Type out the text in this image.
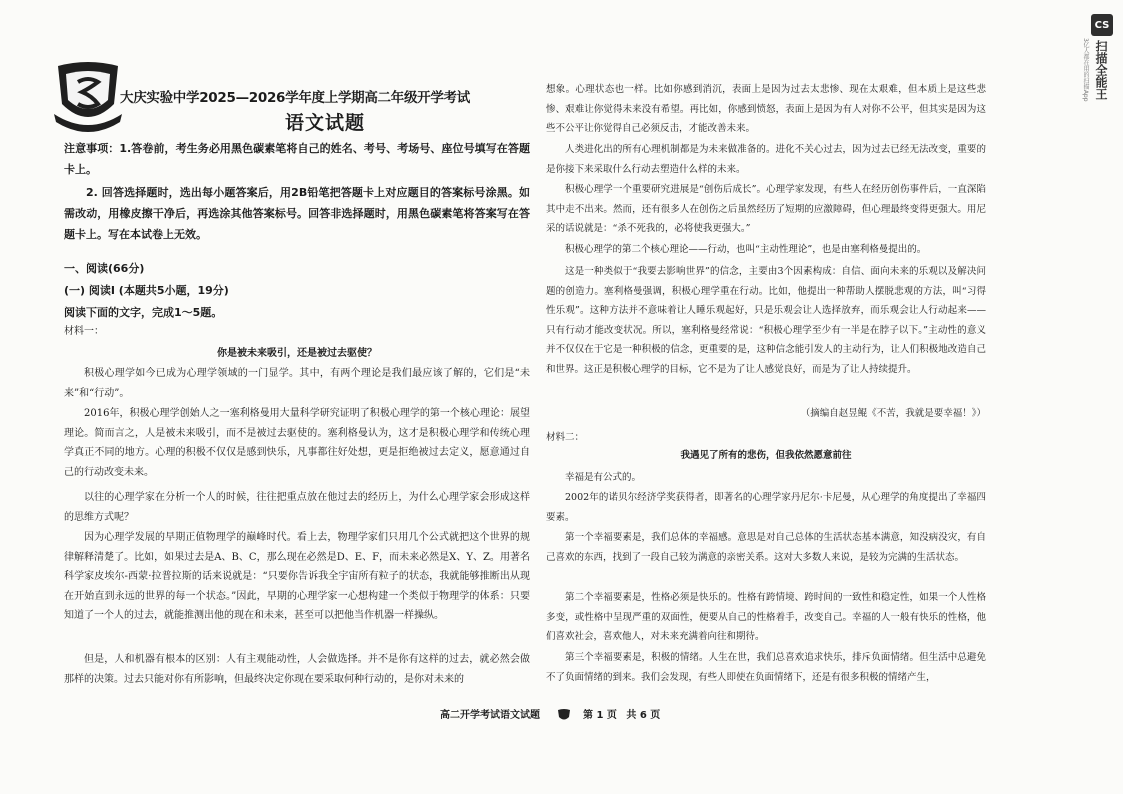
大庆实验中学2025—2026学年度上学期高二年级开学考试
语文试题

注意事项：1.答卷前，考生务必用黑色碳素笔将自己的姓名、考号、考场号、座位号填写在答题卡上。

2. 回答选择题时，选出每小题答案后，用2B铅笔把答题卡上对应题目的答案标号涂黑。如需改动，用橡皮擦干净后，再选涂其他答案标号。回答非选择题时，用黑色碳素笔将答案写在答题卡上。写在本试卷上无效。

一、阅读(66分)

(一) 阅读Ⅰ (本题共5小题，19分)

阅读下面的文字，完成1～5题。

材料一：

你是被未来吸引，还是被过去驱使？

积极心理学如今已成为心理学领域的一门显学。其中，有两个理论是我们最应该了解的，它们是“未来”和“行动”。

2016年，积极心理学创始人之一塞利格曼用大量科学研究证明了积极心理学的第一个核心理论：展望理论。简而言之，人是被未来吸引，而不是被过去驱使的。塞利格曼认为，这才是积极心理学和传统心理学真正不同的地方。心理的积极不仅仅是感到快乐，凡事都往好处想，更是拒绝被过去定义，愿意通过自己的行动改变未来。

以往的心理学家在分析一个人的时候，往往把重点放在他过去的经历上，为什么心理学家会形成这样的思维方式呢？

因为心理学发展的早期正值物理学的巅峰时代。看上去，物理学家们只用几个公式就把这个世界的规律解释清楚了。比如，如果过去是A、B、C，那么现在必然是D、E、F，而未来必然是X、Y、Z。用著名科学家皮埃尔-西蒙·拉普拉斯的话来说就是：“只要你告诉我全宇宙所有粒子的状态，我就能够推断出从现在开始直到永远的世界的每一个状态。”因此，早期的心理学家一心想构建一个类似于物理学的体系：只要知道了一个人的过去，就能推测出他的现在和未来，甚至可以把他当作机器一样操纵。

但是，人和机器有根本的区别：人有主观能动性，人会做选择。并不是你有这样的过去，就必然会做那样的决策。过去只能对你有所影响，但最终决定你现在要采取何种行动的，是你对未来的

想象。心理状态也一样。比如你感到消沉，表面上是因为过去太悲惨、现在太艰难，但本质上是这些悲惨、艰难让你觉得未来没有希望。再比如，你感到愤怒，表面上是因为有人对你不公平，但其实是因为这些不公平让你觉得自己必须反击，才能改善未来。

人类进化出的所有心理机制都是为未来做准备的。进化不关心过去，因为过去已经无法改变，重要的是你接下来采取什么行动去塑造什么样的未来。

积极心理学一个重要研究进展是“创伤后成长”。心理学家发现，有些人在经历创伤事件后，一直深陷其中走不出来。然而，还有很多人在创伤之后虽然经历了短期的应激障碍，但心理最终变得更强大。用尼采的话说就是：“杀不死我的，必将使我更强大。”

积极心理学的第二个核心理论——行动，也叫“主动性理论”，也是由塞利格曼提出的。

这是一种类似于“我要去影响世界”的信念，主要由3个因素构成：自信、面向未来的乐观以及解决问题的创造力。塞利格曼强调，积极心理学重在行动。比如，他提出一种帮助人摆脱悲观的方法，叫“习得性乐观”。这种方法并不意味着让人睡乐观起好，只是乐观会让人选择放弃，而乐观会让人行动起来——只有行动才能改变状况。所以，塞利格曼经常说：“积极心理学至少有一半是在脖子以下。”主动性的意义并不仅仅在于它是一种积极的信念，更重要的是，这种信念能引发人的主动行为，让人们积极地改造自己和世界。这正是积极心理学的目标，它不是为了让人感觉良好，而是为了让人持续提升。

（摘编自赵昱鲲《不苦，我就是要幸福！》）

材料二：

我遇见了所有的悲伤，但我依然愿意前往

幸福是有公式的。

2002年的诺贝尔经济学奖获得者，即著名的心理学家丹尼尔·卡尼曼，从心理学的角度提出了幸福四要素。

第一个幸福要素是，我们总体的幸福感。意思是对自己总体的生活状态基本满意，知没病没灾，有自己喜欢的东西，找到了一段自己较为满意的亲密关系。这对大多数人来说，是较为完满的生活状态。

第二个幸福要素是，性格必须是快乐的。性格有跨情境、跨时间的一致性和稳定性，如果一个人性格多变，或性格中呈现严重的双面性，便要从自己的性格着手，改变自己。幸福的人一般有快乐的性格，他们喜欢社会，喜欢他人，对未来充满着向往和期待。

第三个幸福要素是，积极的情绪。人生在世，我们总喜欢追求快乐，排斥负面情绪。但生活中总避免不了负面情绪的到来。我们会发现，有些人即使在负面情绪下，还是有很多积极的情绪产生，

高二开学考试语文试题	第 1 页 共 6 页
CS
扫描全能王
3亿人都在用的扫描App
